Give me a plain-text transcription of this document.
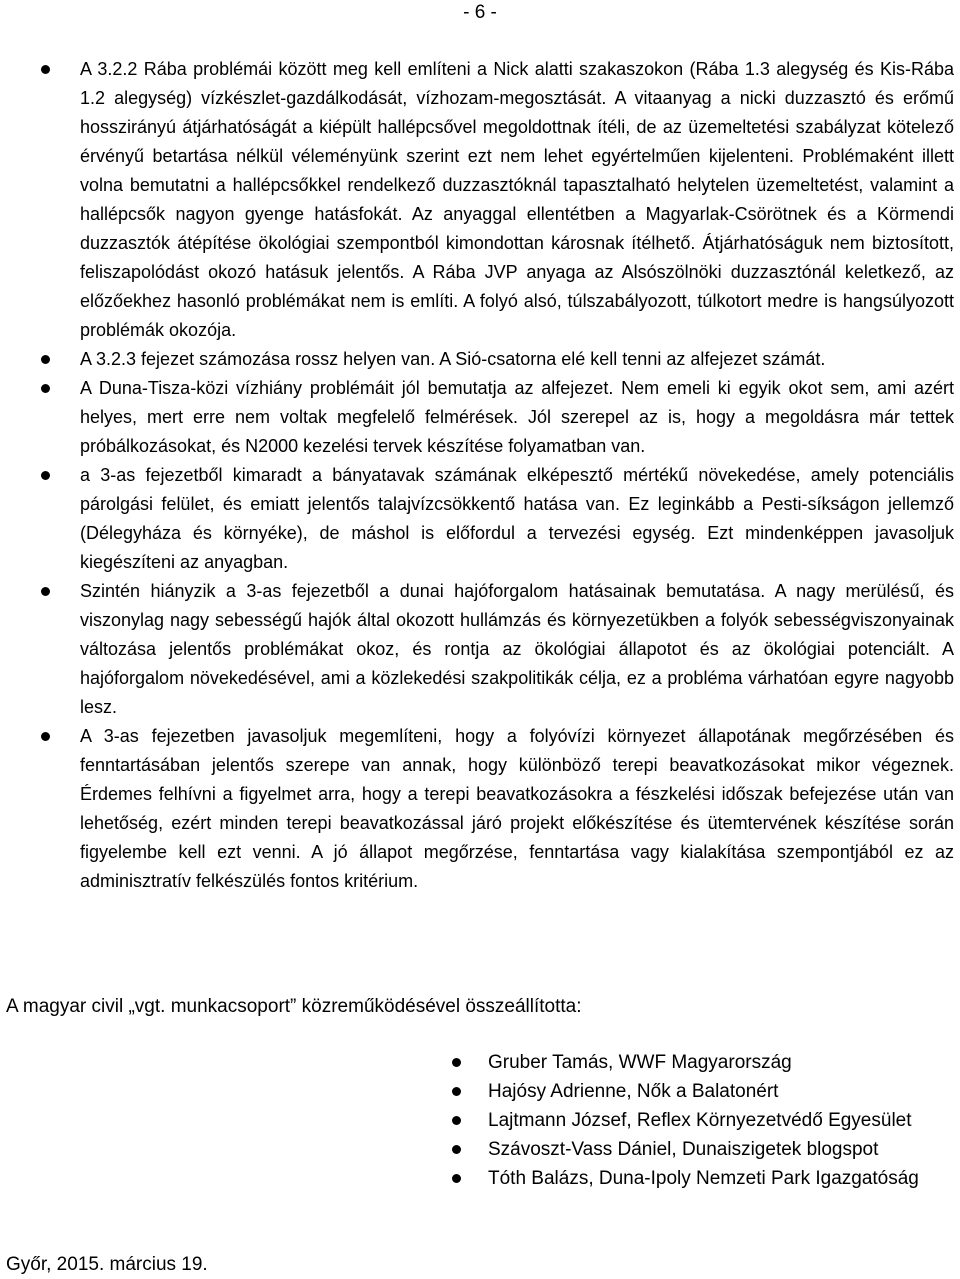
- 6 -
A 3.2.2 Rába problémái között meg kell említeni a Nick alatti szakaszokon (Rába 1.3 alegység és Kis-Rába 1.2 alegység) vízkészlet-gazdálkodását, vízhozam-megosztását. A vitaanyag a nicki duzzasztó és erőmű hosszirányú átjárhatóságát a kiépült hallépcsővel megoldottnak ítéli, de az üzemeltetési szabályzat kötelező érvényű betartása nélkül véleményünk szerint ezt nem lehet egyértelműen kijelenteni. Problémaként illett volna bemutatni a hallépcsőkkel rendelkező duzzasztóknál tapasztalható helytelen üzemeltetést, valamint a hallépcsők nagyon gyenge hatásfokát. Az anyaggal ellentétben a Magyarlak-Csörötnek és a Körmendi duzzasztók átépítése ökológiai szempontból kimondottan károsnak ítélhető. Átjárhatóságuk nem biztosított, feliszapolódást okozó hatásuk jelentős. A Rába JVP anyaga az Alsószölnöki duzzasztónál keletkező, az előzőekhez hasonló problémákat nem is említi. A folyó alsó, túlszabályozott, túlkotort medre is hangsúlyozott problémák okozója.
A 3.2.3 fejezet számozása rossz helyen van. A Sió-csatorna elé kell tenni az alfejezet számát.
A Duna-Tisza-közi vízhiány problémáit jól bemutatja az alfejezet. Nem emeli ki egyik okot sem, ami azért helyes, mert erre nem voltak megfelelő felmérések. Jól szerepel az is, hogy a megoldásra már tettek próbálkozásokat, és N2000 kezelési tervek készítése folyamatban van.
a 3-as fejezetből kimaradt a bányatavak számának elképesztő mértékű növekedése, amely potenciális párolgási felület, és emiatt jelentős talajvízcsökkentő hatása van. Ez leginkább a Pesti-síkságon jellemző (Délegyháza és környéke), de máshol is előfordul a tervezési egység. Ezt mindenképpen javasoljuk kiegészíteni az anyagban.
Szintén hiányzik a 3-as fejezetből a dunai hajóforgalom hatásainak bemutatása. A nagy merülésű, és viszonylag nagy sebességű hajók által okozott hullámzás és környezetükben a folyók sebességviszonyainak változása jelentős problémákat okoz, és rontja az ökológiai állapotot és az ökológiai potenciált. A hajóforgalom növekedésével, ami a közlekedési szakpolitikák célja, ez a probléma várhatóan egyre nagyobb lesz.
A 3-as fejezetben javasoljuk megemlíteni, hogy a folyóvízi környezet állapotának megőrzésében és fenntartásában jelentős szerepe van annak, hogy különböző terepi beavatkozásokat mikor végeznek. Érdemes felhívni a figyelmet arra, hogy a terepi beavatkozásokra a fészkelési időszak befejezése után van lehetőség, ezért minden terepi beavatkozással járó projekt előkészítése és ütemtervének készítése során figyelembe kell ezt venni. A jó állapot megőrzése, fenntartása vagy kialakítása szempontjából ez az adminisztratív felkészülés fontos kritérium.
A magyar civil „vgt. munkacsoport” közreműködésével összeállította:
Gruber Tamás, WWF Magyarország
Hajósy Adrienne, Nők a Balatonért
Lajtmann József, Reflex Környezetvédő Egyesület
Szávoszt-Vass Dániel, Dunaiszigetek blogspot
Tóth Balázs, Duna-Ipoly Nemzeti Park Igazgatóság
Győr, 2015. március 19.
